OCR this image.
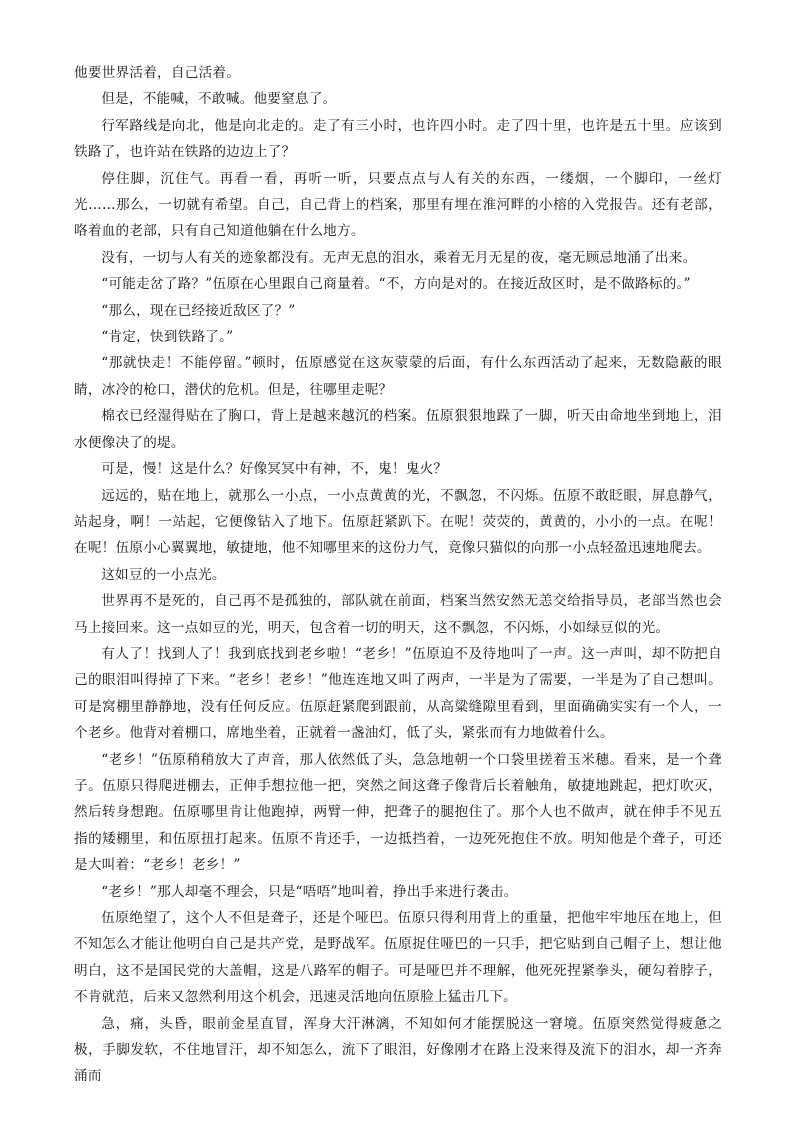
他要世界活着，自己活着。

但是，不能喊，不敢喊。他要窒息了。

行军路线是向北，他是向北走的。走了有三小时，也许四小时。走了四十里，也许是五十里。应该到铁路了，也许站在铁路的边边上了？

停住脚，沉住气。再看一看，再听一听，只要点点与人有关的东西，一缕烟，一个脚印，一丝灯光……那么，一切就有希望。自己，自己背上的档案，那里有埋在淮河畔的小榕的入党报告。还有老部，咯着血的老部，只有自己知道他躺在什么地方。

没有，一切与人有关的迹象都没有。无声无息的泪水，乘着无月无星的夜，毫无顾忌地涌了出来。

“可能走岔了路？”伍原在心里跟自己商量着。“不，方向是对的。在接近敌区时，是不做路标的。”

“那么，现在已经接近敌区了？”

“肯定，快到铁路了。”

“那就快走！不能停留。”顿时，伍原感觉在这灰蒙蒙的后面，有什么东西活动了起来，无数隐蔽的眼睛，冰冷的枪口，潜伏的危机。但是，往哪里走呢？

棉衣已经湿得贴在了胸口，背上是越来越沉的档案。伍原狠狠地跺了一脚，听天由命地坐到地上，泪水便像决了的堤。

可是，慢！这是什么？好像冥冥中有神，不，鬼！鬼火？

远远的，贴在地上，就那么一小点，一小点黄黄的光，不飘忽，不闪烁。伍原不敢眨眼，屏息静气，站起身，啊！一站起，它便像钻入了地下。伍原赶紧趴下。在呢！荧荧的，黄黄的，小小的一点。在呢！在呢！伍原小心翼翼地，敏捷地，他不知哪里来的这份力气，竟像只猫似的向那一小点轻盈迅速地爬去。

这如豆的一小点光。

世界再不是死的，自己再不是孤独的，部队就在前面，档案当然安然无恙交给指导员，老部当然也会马上接回来。这一点如豆的光，明天，包含着一切的明天，这不飘忽，不闪烁，小如绿豆似的光。

有人了！找到人了！我到底找到老乡啦！“老乡！”伍原迫不及待地叫了一声。这一声叫，却不防把自己的眼泪叫得掉了下来。“老乡！老乡！”他连连地又叫了两声，一半是为了需要，一半是为了自己想叫。可是窝棚里静静地，没有任何反应。伍原赶紧爬到跟前，从高粱缝隙里看到，里面确确实实有一个人，一个老乡。他背对着棚口，席地坐着，正就着一盏油灯，低了头，紧张而有力地做着什么。

“老乡！”伍原稍稍放大了声音，那人依然低了头，急急地朝一个口袋里搓着玉米穗。看来，是一个聋子。伍原只得爬进棚去，正伸手想拉他一把，突然之间这聋子像背后长着触角，敏捷地跳起，把灯吹灭，然后转身想跑。伍原哪里肯让他跑掉，两臂一伸，把聋子的腿抱住了。那个人也不做声，就在伸手不见五指的矮棚里，和伍原扭打起来。伍原不肯还手，一边抵挡着，一边死死抱住不放。明知他是个聋子，可还是大叫着：“老乡！老乡！”

“老乡！”那人却毫不理会，只是“唔唔”地叫着，挣出手来进行袭击。

伍原绝望了，这个人不但是聋子，还是个哑巴。伍原只得利用背上的重量，把他牢牢地压在地上，但不知怎么才能让他明白自己是共产党，是野战军。伍原捉住哑巴的一只手，把它贴到自己帽子上，想让他明白，这不是国民党的大盖帽，这是八路军的帽子。可是哑巴并不理解，他死死捏紧拳头，硬勾着脖子，不肯就范，后来又忽然利用这个机会，迅速灵活地向伍原脸上猛击几下。

急，痛，头昏，眼前金星直冒，浑身大汗淋漓，不知如何才能摆脱这一窘境。伍原突然觉得疲惫之极，手脚发软，不住地冒汗，却不知怎么，流下了眼泪，好像刚才在路上没来得及流下的泪水，却一齐奔涌而
